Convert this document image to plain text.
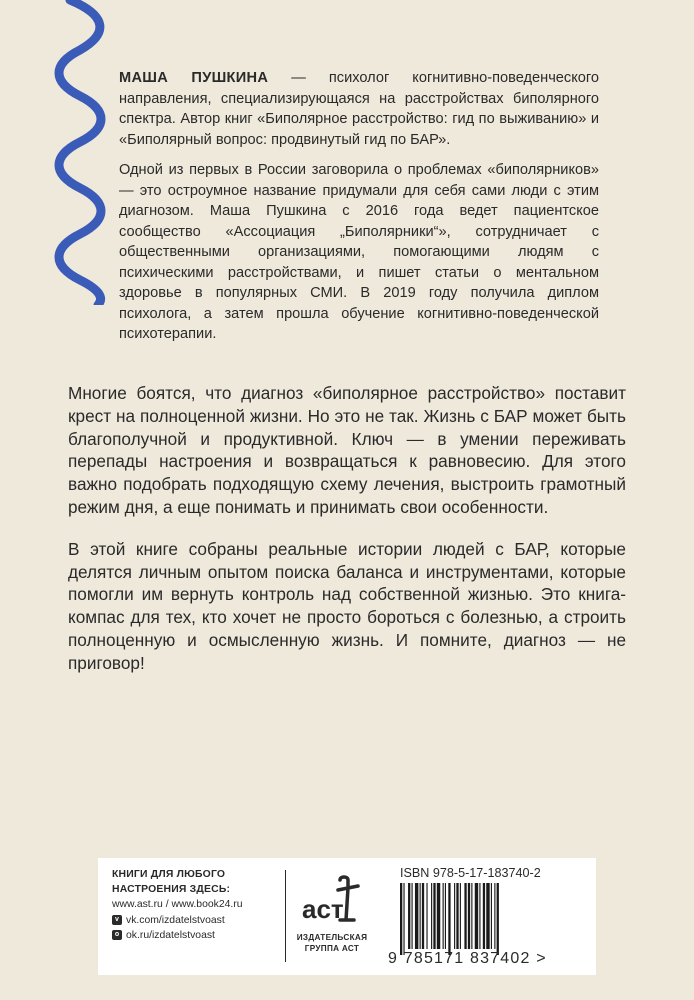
МАША ПУШКИНА — психолог когнитивно-поведенческого направления, специализирующаяся на расстройствах биполярного спектра. Автор книг «Биполярное расстройство: гид по выживанию» и «Биполярный вопрос: продвинутый гид по БАР».

Одной из первых в России заговорила о проблемах «биполярников» — это остроумное название придумали для себя сами люди с этим диагнозом. Маша Пушкина с 2016 года ведет пациентское сообщество «Ассоциация „Биполярники“», сотрудничает с общественными организациями, помогающими людям с психическими расстройствами, и пишет статьи о ментальном здоровье в популярных СМИ. В 2019 году получила диплом психолога, а затем прошла обучение когнитивно-поведенческой психотерапии.

Многие боятся, что диагноз «биполярное расстройство» поставит крест на полноценной жизни. Но это не так. Жизнь с БАР может быть благополучной и продуктивной. Ключ — в умении переживать перепады настроения и возвращаться к равновесию. Для этого важно подобрать подходящую схему лечения, выстроить грамотный режим дня, а еще понимать и принимать свои особенности.

В этой книге собраны реальные истории людей с БАР, которые делятся личным опытом поиска баланса и инструментами, которые помогли им вернуть контроль над собственной жизнью. Это книга-компас для тех, кто хочет не просто бороться с болезнью, а строить полноценную и осмысленную жизнь. И помните, диагноз — не приговор!

КНИГИ ДЛЯ ЛЮБОГО
НАСТРОЕНИЯ ЗДЕСЬ:
www.ast.ru / www.book24.ru
v vk.com/izdatelstvoast
o ok.ru/izdatelstvoast
аст
ИЗДАТЕЛЬСКАЯ
ГРУППА АСТ
ISBN 978-5-17-183740-2
9 785171 837402 >
